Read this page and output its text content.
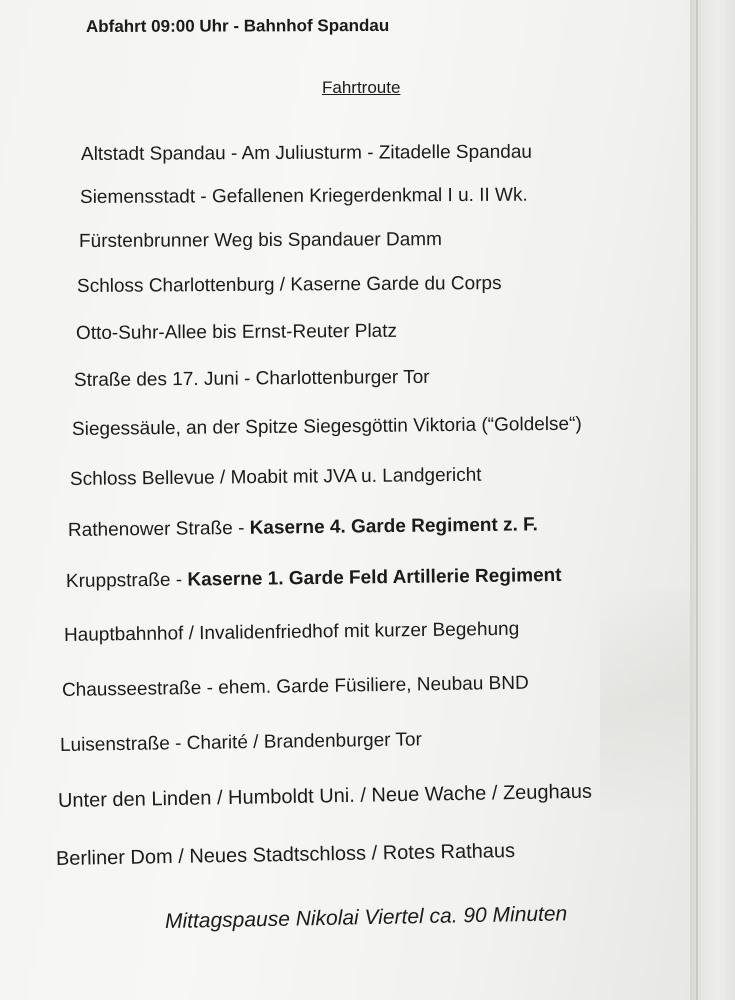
Abfahrt 09:00 Uhr - Bahnhof Spandau
Fahrtroute
Altstadt Spandau - Am Juliusturm - Zitadelle Spandau
Siemensstadt - Gefallenen Kriegerdenkmal I u. II Wk.
Fürstenbrunner Weg bis Spandauer Damm
Schloss Charlottenburg / Kaserne Garde du Corps
Otto-Suhr-Allee bis Ernst-Reuter Platz
Straße des 17. Juni - Charlottenburger Tor
Siegessäule, an der Spitze Siegesgöttin Viktoria (“Goldelse“)
Schloss Bellevue / Moabit mit JVA u. Landgericht
Rathenower Straße - Kaserne 4. Garde Regiment z. F.
Kruppstraße - Kaserne 1. Garde Feld Artillerie Regiment
Hauptbahnhof / Invalidenfriedhof mit kurzer Begehung
Chausseestraße - ehem. Garde Füsiliere, Neubau BND
Luisenstraße - Charité / Brandenburger Tor
Unter den Linden / Humboldt Uni. / Neue Wache / Zeughaus
Berliner Dom / Neues Stadtschloss / Rotes Rathaus
Mittagspause Nikolai Viertel ca. 90 Minuten
